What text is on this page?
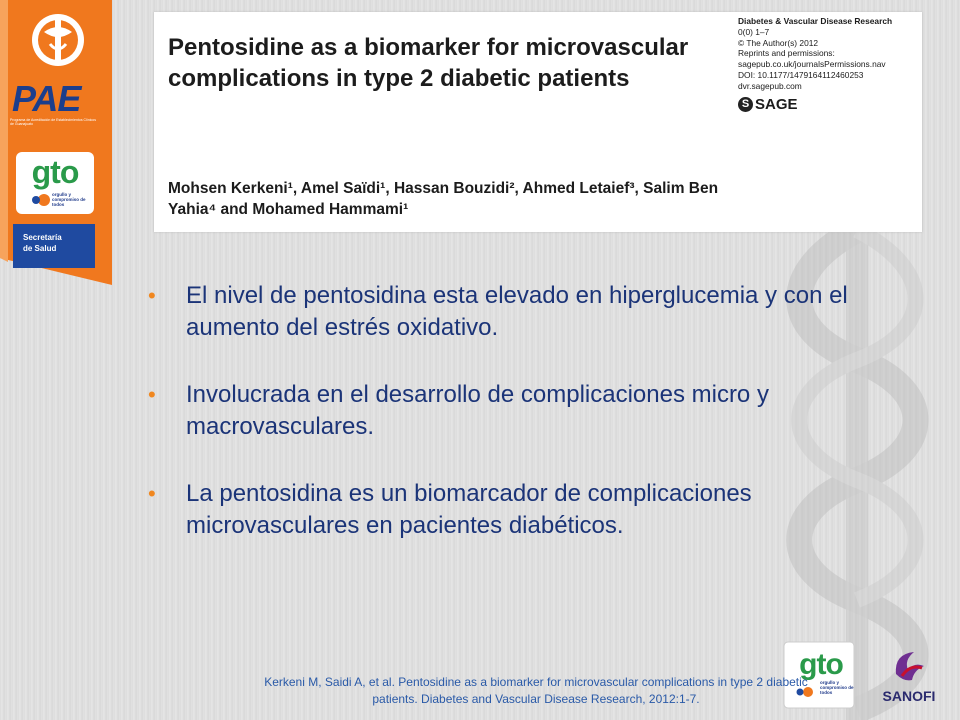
PAE
Programa de Acreditación de Establecimientos Clínicos de Guanajuato
gto
orgullo y compromiso de todos
Secretaría
de Salud
Pentosidine as a biomarker for microvascular complications in type 2 diabetic patients

Mohsen Kerkeni¹, Amel Saïdi¹, Hassan Bouzidi², Ahmed Letaief³, Salim Ben Yahia⁴ and Mohamed Hammami¹

Diabetes & Vascular Disease Research
0(0) 1–7
© The Author(s) 2012
Reprints and permissions:
sagepub.co.uk/journalsPermissions.nav
DOI: 10.1177/1479164112460253
dvr.sagepub.com
S SAGE
• El nivel de pentosidina esta elevado en hiperglucemia y con el aumento del estrés oxidativo.
• Involucrada en el desarrollo de complicaciones micro y macrovasculares.
• La pentosidina es un biomarcador de complicaciones microvasculares en pacientes diabéticos.
gto
orgullo y compromiso de todos	SANOFI

Kerkeni M, Saidi A, et al. Pentosidine as a biomarker for microvascular complications in type 2 diabetic patients. Diabetes and Vascular Disease Research, 2012:1-7.
